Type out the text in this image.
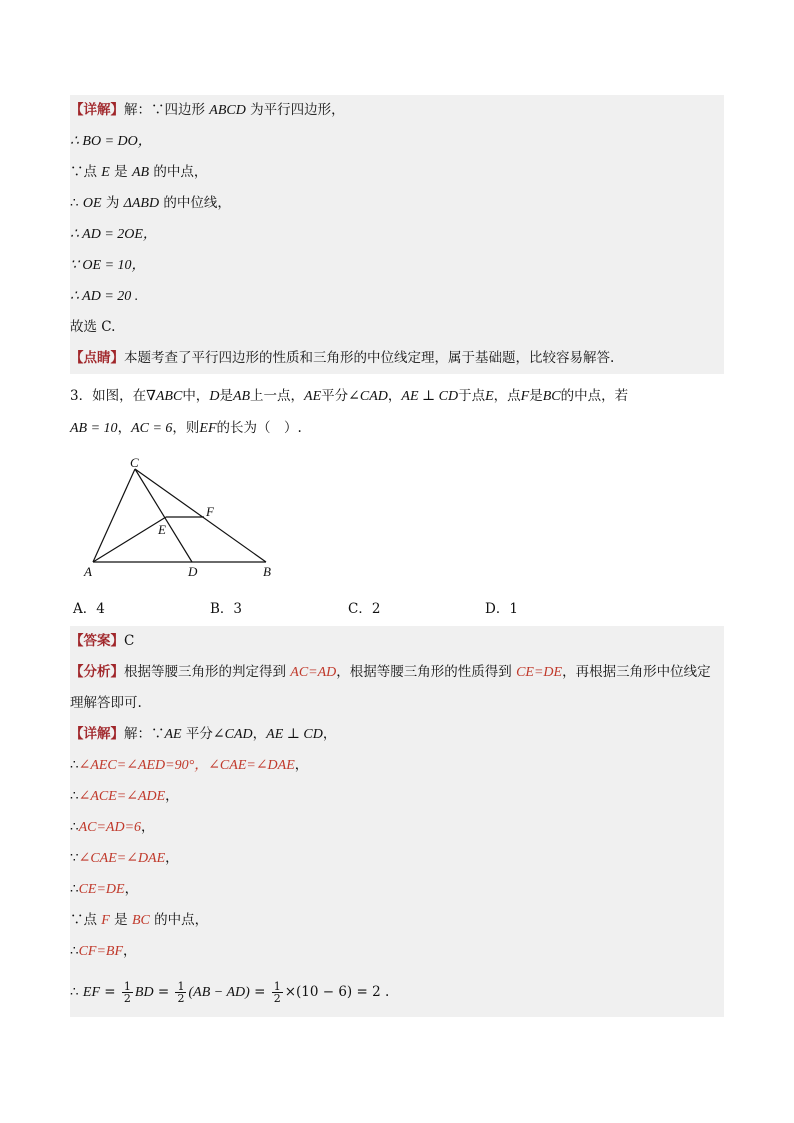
【详解】解：∵四边形 ABCD 为平行四边形，
∴ BO = DO，
∵点 E 是 AB 的中点，
∴ OE 为 ΔABD 的中位线，
∴ AD = 2OE，
∵ OE = 10，
∴ AD = 20 .
故选 C.
【点睛】本题考查了平行四边形的性质和三角形的中位线定理，属于基础题，比较容易解答.
3．如图，在∇ABC中，D是AB上一点，AE平分∠CAD，AE ⊥ CD于点E，点F是BC的中点，若
AB = 10，AC = 6，则EF的长为（　）.
C
F
E
A	D	B
A．4	B．3	C．2	D．1
【答案】C
【分析】根据等腰三角形的判定得到 AC=AD，根据等腰三角形的性质得到 CE=DE，再根据三角形中位线定
理解答即可.
【详解】解：∵AE 平分∠CAD，AE ⊥ CD，
∴∠AEC=∠AED=90°，∠CAE=∠DAE，
∴∠ACE=∠ADE，
∴AC=AD=6，
∵∠CAE=∠DAE，
∴CE=DE，
∵点 F 是 BC 的中点，
∴CF=BF，
∴ EF = $\frac{1}{2}$ BD = $\frac{1}{2} (AB - AD) = \frac{1}{2} \times(10 - 6) = 2$ .
